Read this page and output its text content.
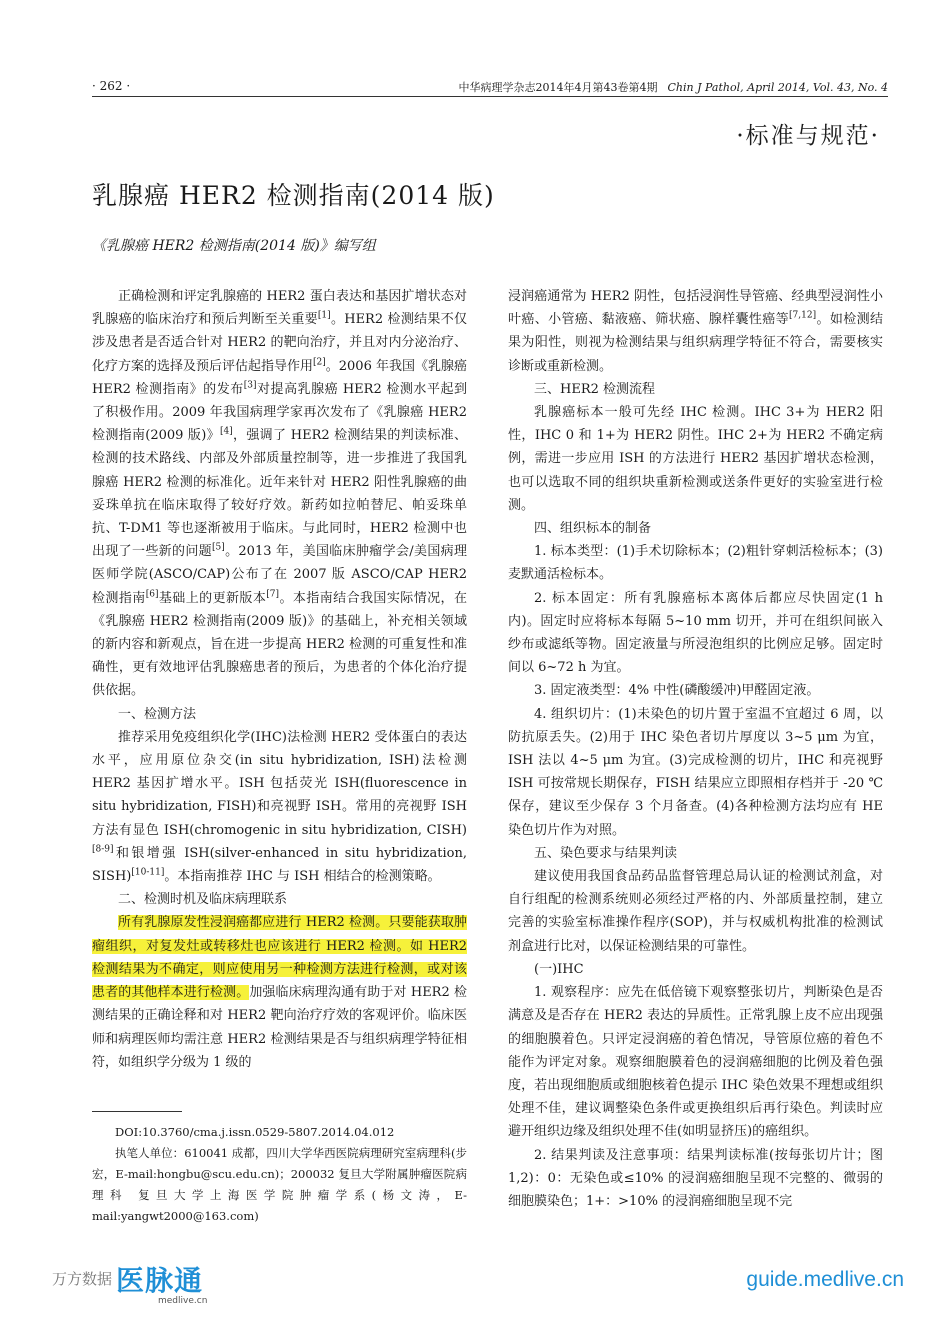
· 262 ·	中华病理学杂志2014年4月第43卷第4期 Chin J Pathol, April 2014, Vol. 43, No. 4
·标准与规范·
乳腺癌 HER2 检测指南(2014 版)
《乳腺癌 HER2 检测指南(2014 版)》编写组

正确检测和评定乳腺癌的 HER2 蛋白表达和基因扩增状态对乳腺癌的临床治疗和预后判断至关重要[1]。HER2 检测结果不仅涉及患者是否适合针对 HER2 的靶向治疗，并且对内分泌治疗、化疗方案的选择及预后评估起指导作用[2]。2006 年我国《乳腺癌 HER2 检测指南》的发布[3]对提高乳腺癌 HER2 检测水平起到了积极作用。2009 年我国病理学家再次发布了《乳腺癌 HER2 检测指南(2009 版)》[4]，强调了 HER2 检测结果的判读标准、检测的技术路线、内部及外部质量控制等，进一步推进了我国乳腺癌 HER2 检测的标准化。近年来针对 HER2 阳性乳腺癌的曲妥珠单抗在临床取得了较好疗效。新药如拉帕替尼、帕妥珠单抗、T-DM1 等也逐渐被用于临床。与此同时，HER2 检测中也出现了一些新的问题[5]。2013 年，美国临床肿瘤学会/美国病理医师学院(ASCO/CAP)公布了在 2007 版 ASCO/CAP HER2 检测指南[6]基础上的更新版本[7]。本指南结合我国实际情况，在《乳腺癌 HER2 检测指南(2009 版)》的基础上，补充相关领域的新内容和新观点，旨在进一步提高 HER2 检测的可重复性和准确性，更有效地评估乳腺癌患者的预后，为患者的个体化治疗提供依据。

一、检测方法

推荐采用免疫组织化学(IHC)法检测 HER2 受体蛋白的表达水平，应用原位杂交(in situ hybridization, ISH)法检测 HER2 基因扩增水平。ISH 包括荧光 ISH(fluorescence in situ hybridization, FISH)和亮视野 ISH。常用的亮视野 ISH 方法有显色 ISH(chromogenic in situ hybridization, CISH)[8-9]和银增强 ISH(silver-enhanced in situ hybridization, SISH)[10-11]。本指南推荐 IHC 与 ISH 相结合的检测策略。

二、检测时机及临床病理联系

所有乳腺原发性浸润癌都应进行 HER2 检测。只要能获取肿瘤组织，对复发灶或转移灶也应该进行 HER2 检测。如 HER2 检测结果为不确定，则应使用另一种检测方法进行检测，或对该患者的其他样本进行检测。加强临床病理沟通有助于对 HER2 检测结果的正确诠释和对 HER2 靶向治疗疗效的客观评价。临床医师和病理医师均需注意 HER2 检测结果是否与组织病理学特征相符，如组织学分级为 1 级的

DOI:10.3760/cma.j.issn.0529-5807.2014.04.012

执笔人单位：610041 成都，四川大学华西医院病理研究室病理科(步宏，E-mail:hongbu@scu.edu.cn)；200032 复旦大学附属肿瘤医院病理科 复旦大学上海医学院肿瘤学系(杨文涛，E-mail:yangwt2000@163.com)

浸润癌通常为 HER2 阴性，包括浸润性导管癌、经典型浸润性小叶癌、小管癌、黏液癌、筛状癌、腺样囊性癌等[7,12]。如检测结果为阳性，则视为检测结果与组织病理学特征不符合，需要核实诊断或重新检测。

三、HER2 检测流程

乳腺癌标本一般可先经 IHC 检测。IHC 3+为 HER2 阳性，IHC 0 和 1+为 HER2 阴性。IHC 2+为 HER2 不确定病例，需进一步应用 ISH 的方法进行 HER2 基因扩增状态检测，也可以选取不同的组织块重新检测或送条件更好的实验室进行检测。

四、组织标本的制备

1. 标本类型：(1)手术切除标本；(2)粗针穿刺活检标本；(3)麦默通活检标本。

2. 标本固定：所有乳腺癌标本离体后都应尽快固定(1 h 内)。固定时应将标本每隔 5~10 mm 切开，并可在组织间嵌入纱布或滤纸等物。固定液量与所浸泡组织的比例应足够。固定时间以 6~72 h 为宜。

3. 固定液类型：4% 中性(磷酸缓冲)甲醛固定液。

4. 组织切片：(1)未染色的切片置于室温不宜超过 6 周，以防抗原丢失。(2)用于 IHC 染色者切片厚度以 3~5 μm 为宜，ISH 法以 4~5 μm 为宜。(3)完成检测的切片，IHC 和亮视野 ISH 可按常规长期保存，FISH 结果应立即照相存档并于 -20 ℃保存，建议至少保存 3 个月备查。(4)各种检测方法均应有 HE 染色切片作为对照。

五、染色要求与结果判读

建议使用我国食品药品监督管理总局认证的检测试剂盒，对自行组配的检测系统则必须经过严格的内、外部质量控制，建立完善的实验室标准操作程序(SOP)，并与权威机构批准的检测试剂盒进行比对，以保证检测结果的可靠性。

(一)IHC

1. 观察程序：应先在低倍镜下观察整张切片，判断染色是否满意及是否存在 HER2 表达的异质性。正常乳腺上皮不应出现强的细胞膜着色。只评定浸润癌的着色情况，导管原位癌的着色不能作为评定对象。观察细胞膜着色的浸润癌细胞的比例及着色强度，若出现细胞质或细胞核着色提示 IHC 染色效果不理想或组织处理不佳，建议调整染色条件或更换组织后再行染色。判读时应避开组织边缘及组织处理不佳(如明显挤压)的癌组织。

2. 结果判读及注意事项：结果判读标准(按每张切片计；图 1,2)：0：无染色或≤10% 的浸润癌细胞呈现不完整的、微弱的细胞膜染色；1+：>10% 的浸润癌细胞呈现不完

万方数据 医脉通
medlive.cn
guide.medlive.cn
